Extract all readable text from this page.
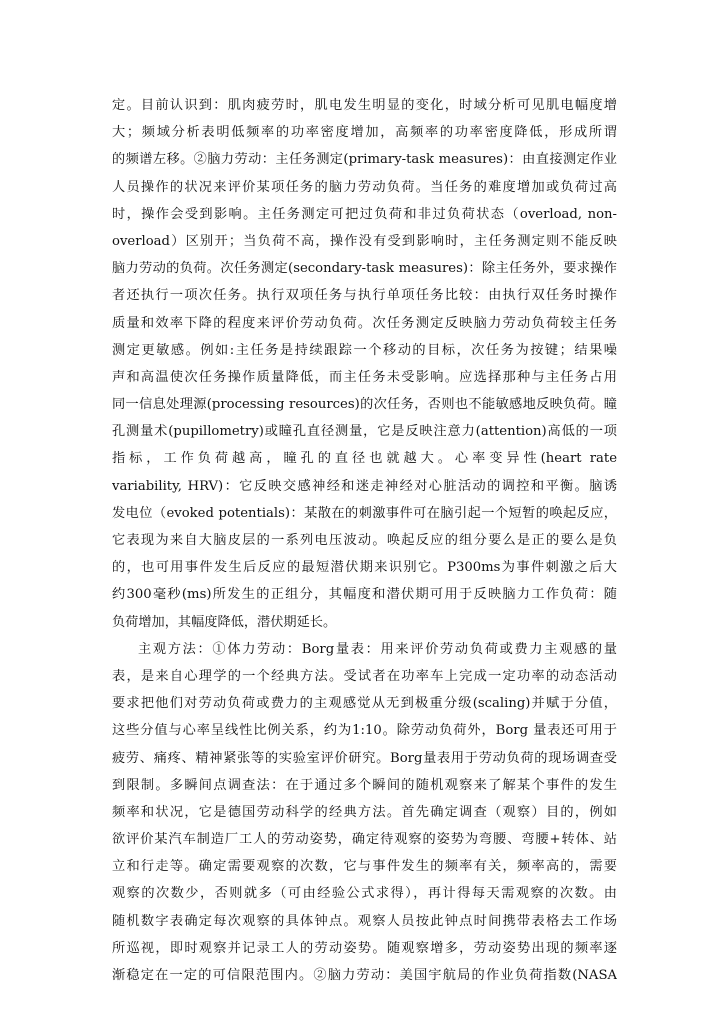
定。目前认识到：肌肉疲劳时，肌电发生明显的变化，时域分析可见肌电幅度增
大；频域分析表明低频率的功率密度增加，高频率的功率密度降低，形成所谓
的频谱左移。②脑力劳动：主任务测定(primary-task measures)：由直接测定作业
人员操作的状况来评价某项任务的脑力劳动负荷。当任务的难度增加或负荷过高
时，操作会受到影响。主任务测定可把过负荷和非过负荷状态（overload, non-
overload）区别开；当负荷不高，操作没有受到影响时，主任务测定则不能反映
脑力劳动的负荷。次任务测定(secondary-task measures)：除主任务外，要求操作
者还执行一项次任务。执行双项任务与执行单项任务比较：由执行双任务时操作
质量和效率下降的程度来评价劳动负荷。次任务测定反映脑力劳动负荷较主任务
测定更敏感。例如:主任务是持续跟踪一个移动的目标，次任务为按键；结果噪
声和高温使次任务操作质量降低，而主任务未受影响。应选择那种与主任务占用
同一信息处理源(processing resources)的次任务，否则也不能敏感地反映负荷。瞳
孔测量术(pupillometry)或瞳孔直径测量，它是反映注意力(attention)高低的一项
指标，工作负荷越高，瞳孔的直径也就越大。心率变异性(heart rate
variability, HRV)：它反映交感神经和迷走神经对心脏活动的调控和平衡。脑诱
发电位（evoked potentials)：某散在的刺激事件可在脑引起一个短暂的唤起反应，
它表现为来自大脑皮层的一系列电压波动。唤起反应的组分要么是正的要么是负
的，也可用事件发生后反应的最短潜伏期来识别它。P300ms为事件刺激之后大
约300毫秒(ms)所发生的正组分，其幅度和潜伏期可用于反映脑力工作负荷：随
负荷增加，其幅度降低，潜伏期延长。
主观方法：①体力劳动：Borg量表：用来评价劳动负荷或费力主观感的量
表，是来自心理学的一个经典方法。受试者在功率车上完成一定功率的动态活动
要求把他们对劳动负荷或费力的主观感觉从无到极重分级(scaling)并赋于分值，
这些分值与心率呈线性比例关系，约为1:10。除劳动负荷外，Borg 量表还可用于
疲劳、痛疼、精神紧张等的实验室评价研究。Borg量表用于劳动负荷的现场调查受
到限制。多瞬间点调查法：在于通过多个瞬间的随机观察来了解某个事件的发生
频率和状况，它是德国劳动科学的经典方法。首先确定调查（观察）目的，例如
欲评价某汽车制造厂工人的劳动姿势，确定待观察的姿势为弯腰、弯腰+转体、站
立和行走等。确定需要观察的次数，它与事件发生的频率有关，频率高的，需要
观察的次数少，否则就多（可由经验公式求得），再计得每天需观察的次数。由
随机数字表确定每次观察的具体钟点。观察人员按此钟点时间携带表格去工作场
所巡视，即时观察并记录工人的劳动姿势。随观察增多，劳动姿势出现的频率逐
渐稳定在一定的可信限范围内。②脑力劳动：美国宇航局的作业负荷指数(NASA
